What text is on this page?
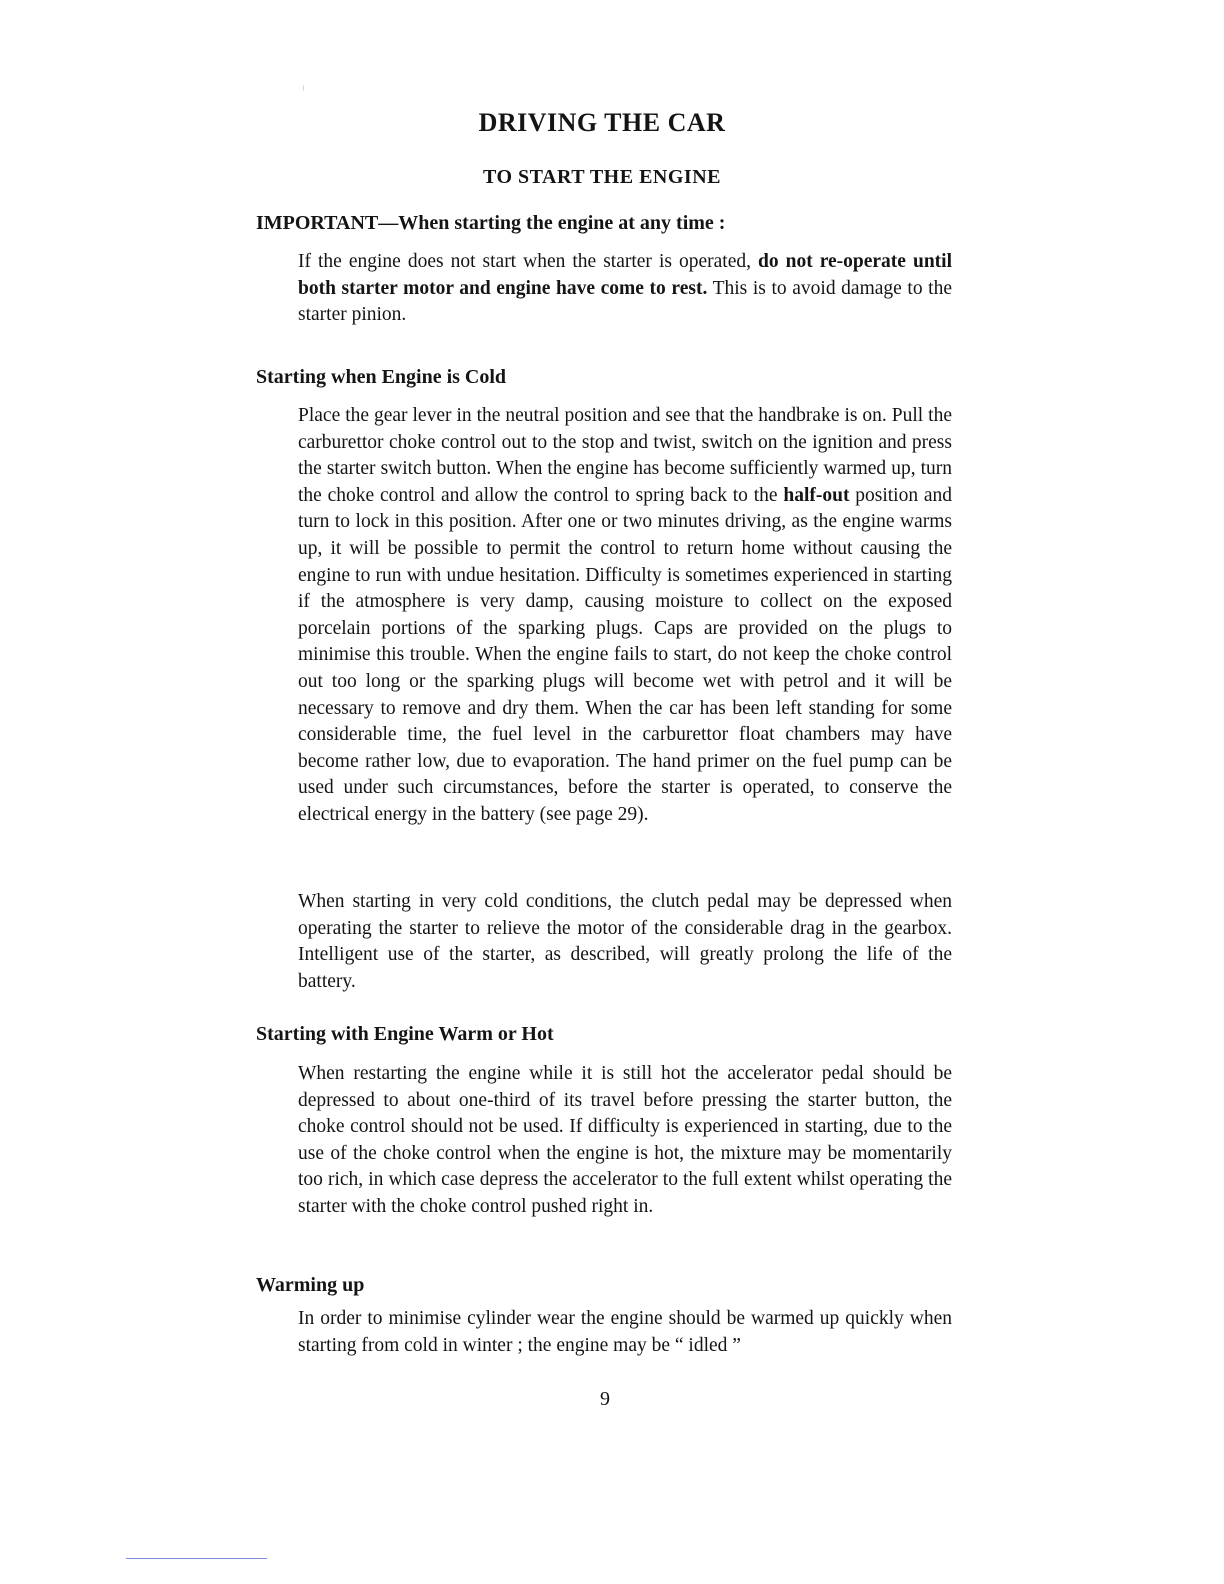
DRIVING THE CAR
TO START THE ENGINE
IMPORTANT—When starting the engine at any time :

If the engine does not start when the starter is operated, do not re-operate until both starter motor and engine have come to rest. This is to avoid damage to the starter pinion.

Starting when Engine is Cold

Place the gear lever in the neutral position and see that the handbrake is on. Pull the carburettor choke control out to the stop and twist, switch on the ignition and press the starter switch button. When the engine has become sufficiently warmed up, turn the choke control and allow the control to spring back to the half-out position and turn to lock in this position. After one or two minutes driving, as the engine warms up, it will be possible to permit the control to return home without causing the engine to run with undue hesitation. Difficulty is sometimes experienced in starting if the atmosphere is very damp, causing moisture to collect on the exposed porcelain portions of the sparking plugs. Caps are provided on the plugs to minimise this trouble. When the engine fails to start, do not keep the choke control out too long or the sparking plugs will become wet with petrol and it will be necessary to remove and dry them. When the car has been left standing for some considerable time, the fuel level in the carburettor float chambers may have become rather low, due to evaporation. The hand primer on the fuel pump can be used under such circumstances, before the starter is operated, to conserve the electrical energy in the battery (see page 29).

When starting in very cold conditions, the clutch pedal may be depressed when operating the starter to relieve the motor of the considerable drag in the gearbox. Intelligent use of the starter, as described, will greatly prolong the life of the battery.

Starting with Engine Warm or Hot

When restarting the engine while it is still hot the accelerator pedal should be depressed to about one-third of its travel before pressing the starter button, the choke control should not be used. If difficulty is experienced in starting, due to the use of the choke control when the engine is hot, the mixture may be momentarily too rich, in which case depress the accelerator to the full extent whilst operating the starter with the choke control pushed right in.

Warming up

In order to minimise cylinder wear the engine should be warmed up quickly when starting from cold in winter ; the engine may be “ idled ”

9
